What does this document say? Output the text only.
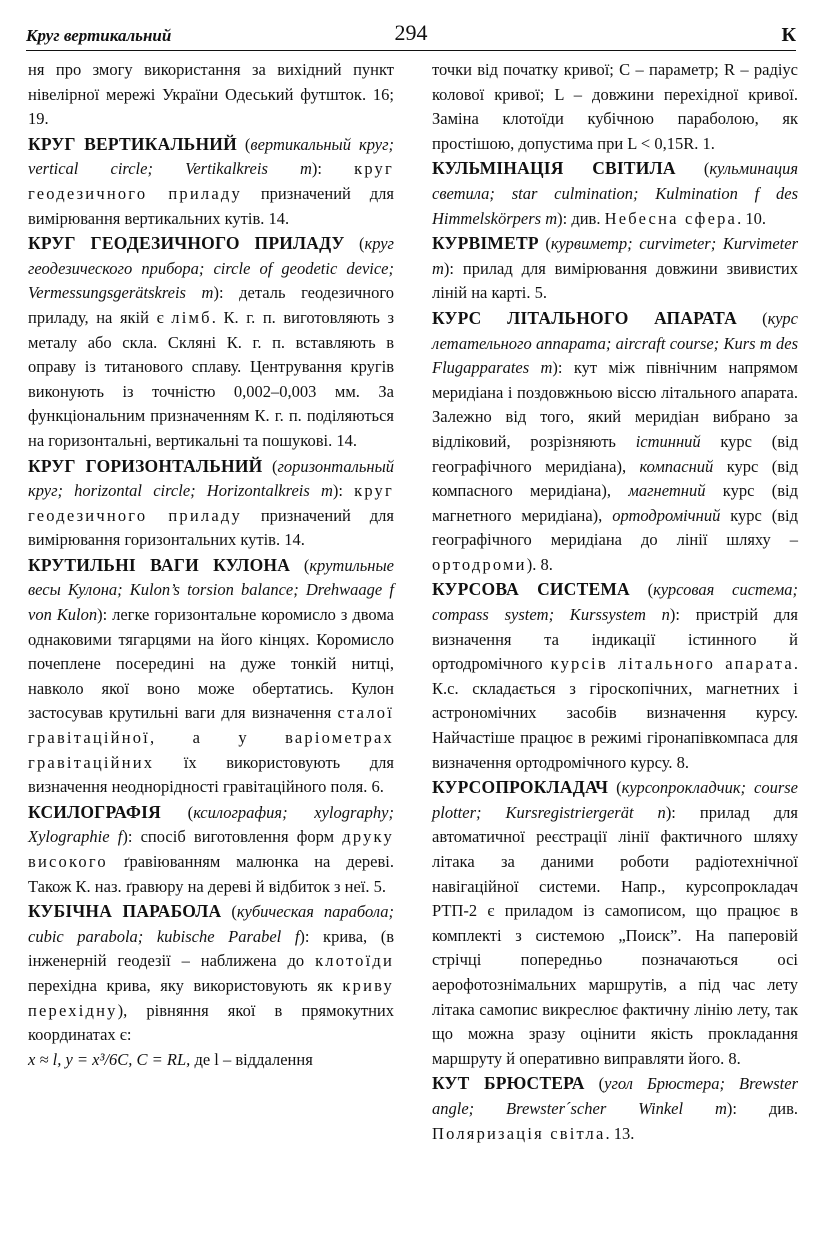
Круг вертикальний	294	К

ня про змогу використання за вихідний пункт нівелірної мережі України Одеський футшток. 16; 19.

КРУГ ВЕРТИКАЛЬНИЙ (вертикальный круг; vertical circle; Vertikalkreis m): круг геодезичного приладу призначений для вимірювання вертикальних кутів. 14.

КРУГ ГЕОДЕЗИЧНОГО ПРИЛАДУ (круг геодезического прибора; circle of geodetic device; Vermessungsgerätskreis m): деталь геодезичного приладу, на якій є лімб. К. г. п. виготовляють з металу або скла. Скляні К. г. п. вставляють в оправу із титанового сплаву. Центрування кругів виконують із точністю 0,002–0,003 мм. За функціональним призначенням К. г. п. поділяються на горизонтальні, вертикальні та пошукові. 14.

КРУГ ГОРИЗОНТАЛЬНИЙ (горизонтальный круг; horizontal circle; Horizontalkreis m): круг геодезичного приладу призначений для вимірювання горизонтальних кутів. 14.

КРУТИЛЬНІ ВАГИ КУЛОНА (крутильные весы Кулона; Kulon’s torsion balance; Drehwaage f von Kulon): легке горизонтальне коромисло з двома однаковими тягарцями на його кінцях. Коромисло почеплене посередині на дуже тонкій нитці, навколо якої воно може обертатись. Кулон застосував крутильні ваги для визначення сталої гравітаційної, а у варіометрах гравітаційних їх використовують для визначення неоднорідності гравітаційного поля. 6.

КСИЛОГРАФІЯ (ксилография; xylography; Xylographie f): спосіб виготовлення форм друку високого ґравіюванням малюнка на дереві. Також К. наз. ґравюру на дереві й відбиток з неї. 5.

КУБІЧНА ПАРАБОЛА (кубическая парабола; cubic parabola; kubische Parabel f): крива, (в інженерній геодезії – наближена до клотоїди перехідна крива, яку використовують як криву перехідну), рівняння якої в прямокутних координатах є:
x ≈ l, y = x³/6C, C = RL, де l – віддалення

точки від початку кривої; C – параметр; R – радіус колової кривої; L – довжини перехідної кривої. Заміна клотоїди кубічною параболою, як простішою, допустима при L < 0,15R. 1.

КУЛЬМІНАЦІЯ СВІТИЛА (кульминация светила; star culmination; Kulmination f des Himmelskörpers m): див. Небесна сфера. 10.

КУРВІМЕТР (курвиметр; curvimeter; Kurvimeter m): прилад для вимірювання довжини звивистих ліній на карті. 5.

КУРС ЛІТАЛЬНОГО АПАРАТА (курс летательного аппарата; aircraft course; Kurs m des Flugapparates m): кут між північним напрямом меридіана і поздовжньою віссю літального апарата. Залежно від того, який меридіан вибрано за відліковий, розрізняють істинний курс (від географічного меридіана), компасний курс (від компасного меридіана), магнетний курс (від магнетного меридіана), ортодромічний курс (від географічного меридіана до лінії шляху – ортодроми). 8.

КУРСОВА СИСТЕМА (курсовая система; compass system; Kurssystem n): пристрій для визначення та індикації істинного й ортодромічного курсів літального апарата. К.с. складається з гіроскопічних, магнетних і астрономічних засобів визначення курсу. Найчастіше працює в режимі гіронапівкомпаса для визначення ортодромічного курсу. 8.

КУРСОПРОКЛАДАЧ (курсопрокладчик; course plotter; Kursregistriergerät n): прилад для автоматичної реєстрації лінії фактичного шляху літака за даними роботи радіотехнічної навігаційної системи. Напр., курсопрокладач РТП-2 є приладом із самописом, що працює в комплекті з системою „Поиск”. На паперовій стрічці попередньо позначаються осі аерофотознімальних маршрутів, а під час лету літака самопис викреслює фактичну лінію лету, так що можна зразу оцінити якість прокладання маршруту й оперативно виправляти його. 8.

КУТ БРЮСТЕРА (угол Брюстера; Brewster angle; Brewster´scher Winkel m): див. Поляризація світла. 13.
